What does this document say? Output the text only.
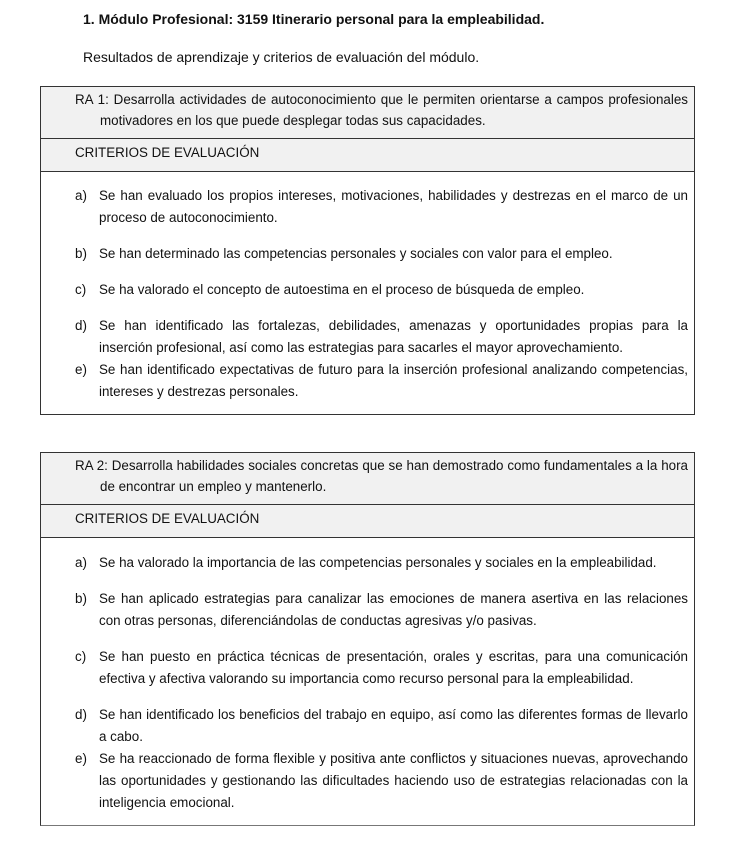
1. Módulo Profesional: 3159 Itinerario personal para la empleabilidad.
Resultados de aprendizaje y criterios de evaluación del módulo.
RA 1: Desarrolla actividades de autoconocimiento que le permiten orientarse a campos profesionales motivadores en los que puede desplegar todas sus capacidades.
CRITERIOS DE EVALUACIÓN
a) Se han evaluado los propios intereses, motivaciones, habilidades y destrezas en el marco de un proceso de autoconocimiento.
b) Se han determinado las competencias personales y sociales con valor para el empleo.
c) Se ha valorado el concepto de autoestima en el proceso de búsqueda de empleo.
d) Se han identificado las fortalezas, debilidades, amenazas y oportunidades propias para la inserción profesional, así como las estrategias para sacarles el mayor aprovechamiento.
e) Se han identificado expectativas de futuro para la inserción profesional analizando competencias, intereses y destrezas personales.
RA 2: Desarrolla habilidades sociales concretas que se han demostrado como fundamentales a la hora de encontrar un empleo y mantenerlo.
CRITERIOS DE EVALUACIÓN
a) Se ha valorado la importancia de las competencias personales y sociales en la empleabilidad.
b) Se han aplicado estrategias para canalizar las emociones de manera asertiva en las relaciones con otras personas, diferenciándolas de conductas agresivas y/o pasivas.
c) Se han puesto en práctica técnicas de presentación, orales y escritas, para una comunicación efectiva y afectiva valorando su importancia como recurso personal para la empleabilidad.
d) Se han identificado los beneficios del trabajo en equipo, así como las diferentes formas de llevarlo a cabo.
e) Se ha reaccionado de forma flexible y positiva ante conflictos y situaciones nuevas, aprovechando las oportunidades y gestionando las dificultades haciendo uso de estrategias relacionadas con la inteligencia emocional.
